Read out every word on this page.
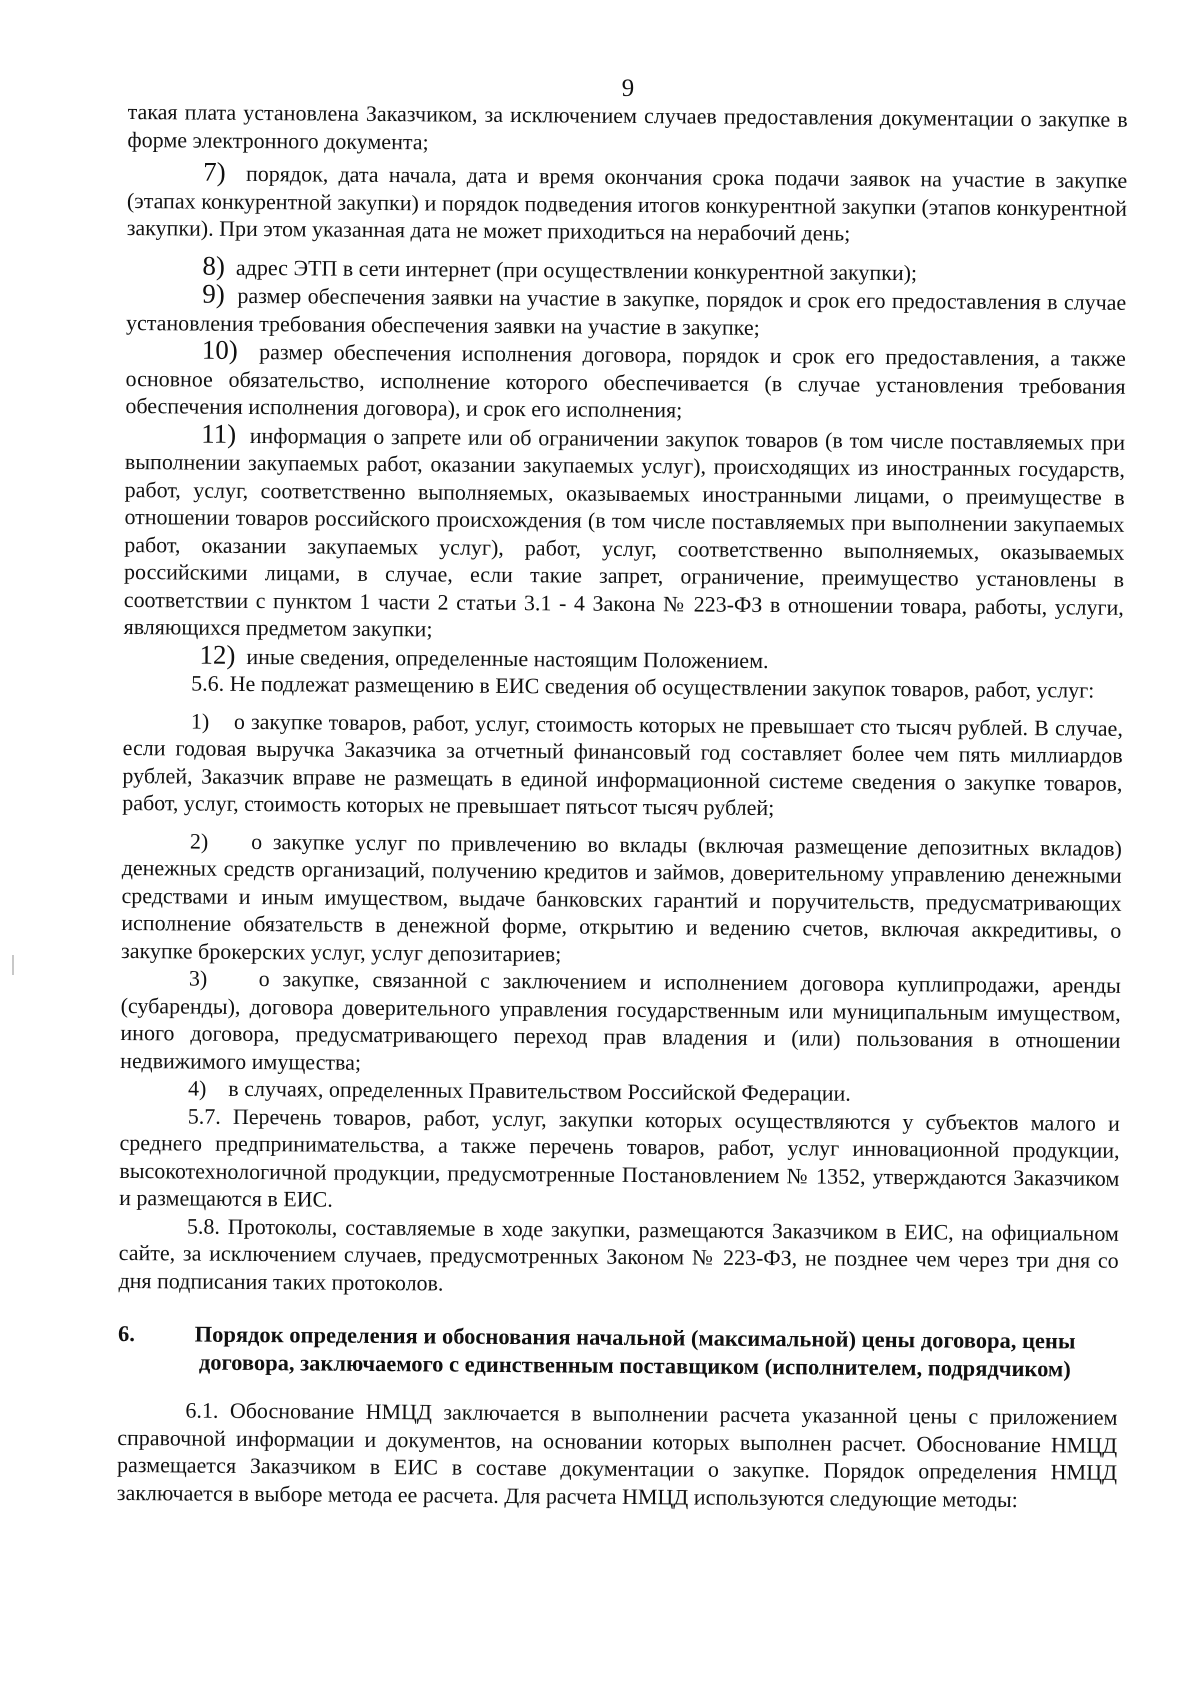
9

такая плата установлена Заказчиком, за исключением случаев предоставления документации о закупке в форме электронного документа;

7) порядок, дата начала, дата и время окончания срока подачи заявок на участие в закупке (этапах конкурентной закупки) и порядок подведения итогов конкурентной закупки (этапов конкурентной закупки). При этом указанная дата не может приходиться на нерабочий день;

8) адрес ЭТП в сети интернет (при осуществлении конкурентной закупки);

9) размер обеспечения заявки на участие в закупке, порядок и срок его предоставления в случае установления требования обеспечения заявки на участие в закупке;

10) размер обеспечения исполнения договора, порядок и срок его предоставления, а также основное обязательство, исполнение которого обеспечивается (в случае установления требования обеспечения исполнения договора), и срок его исполнения;

11) информация о запрете или об ограничении закупок товаров (в том числе поставляемых при выполнении закупаемых работ, оказании закупаемых услуг), происходящих из иностранных государств, работ, услуг, соответственно выполняемых, оказываемых иностранными лицами, о преимуществе в отношении товаров российского происхождения (в том числе поставляемых при выполнении закупаемых работ, оказании закупаемых услуг), работ, услуг, соответственно выполняемых, оказываемых российскими лицами, в случае, если такие запрет, ограничение, преимущество установлены в соответствии с пунктом 1 части 2 статьи 3.1 - 4 Закона № 223-ФЗ в отношении товара, работы, услуги, являющихся предметом закупки;

12) иные сведения, определенные настоящим Положением.

5.6. Не подлежат размещению в ЕИС сведения об осуществлении закупок товаров, работ, услуг:

1) о закупке товаров, работ, услуг, стоимость которых не превышает сто тысяч рублей. В случае, если годовая выручка Заказчика за отчетный финансовый год составляет более чем пять миллиардов рублей, Заказчик вправе не размещать в единой информационной системе сведения о закупке товаров, работ, услуг, стоимость которых не превышает пятьсот тысяч рублей;

2) о закупке услуг по привлечению во вклады (включая размещение депозитных вкладов) денежных средств организаций, получению кредитов и займов, доверительному управлению денежными средствами и иным имуществом, выдаче банковских гарантий и поручительств, предусматривающих исполнение обязательств в денежной форме, открытию и ведению счетов, включая аккредитивы, о закупке брокерских услуг, услуг депозитариев;

3) о закупке, связанной с заключением и исполнением договора куплипродажи, аренды (субаренды), договора доверительного управления государственным или муниципальным имуществом, иного договора, предусматривающего переход прав владения и (или) пользования в отношении недвижимого имущества;

4) в случаях, определенных Правительством Российской Федерации.

5.7. Перечень товаров, работ, услуг, закупки которых осуществляются у субъектов малого и среднего предпринимательства, а также перечень товаров, работ, услуг инновационной продукции, высокотехнологичной продукции, предусмотренные Постановлением № 1352, утверждаются Заказчиком и размещаются в ЕИС.

5.8. Протоколы, составляемые в ходе закупки, размещаются Заказчиком в ЕИС, на официальном сайте, за исключением случаев, предусмотренных Законом № 223-ФЗ, не позднее чем через три дня со дня подписания таких протоколов.

6.	Порядок определения и обоснования начальной (максимальной) цены договора, цены договора, заключаемого с единственным поставщиком (исполнителем, подрядчиком)

6.1. Обоснование НМЦД заключается в выполнении расчета указанной цены с приложением справочной информации и документов, на основании которых выполнен расчет. Обоснование НМЦД размещается Заказчиком в ЕИС в составе документации о закупке. Порядок определения НМЦД заключается в выборе метода ее расчета. Для расчета НМЦД используются следующие методы:
